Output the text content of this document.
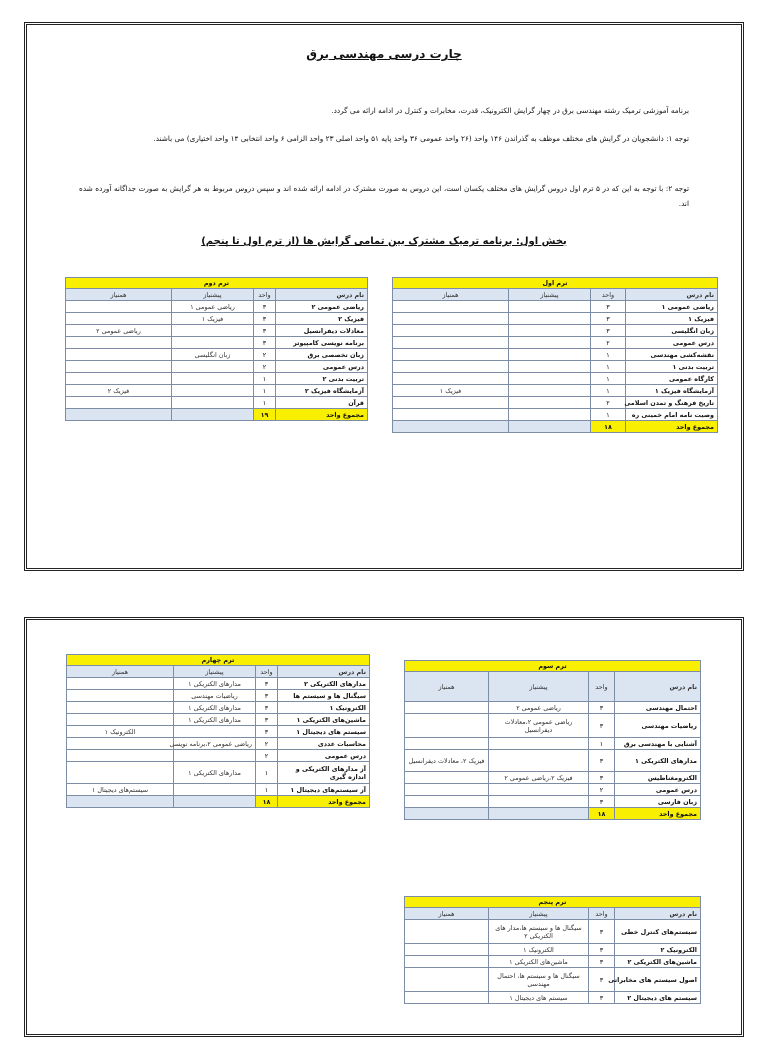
چارت درسی مهندسی برق
برنامه آموزشی ترمیک رشته مهندسی برق در چهار گرایش الکترونیک، قدرت، مخابرات و کنترل در ادامه ارائه می گردد.
توجه ۱: دانشجویان در گرایش های مختلف موظف به گذراندن ۱۴۶ واحد (۲۶ واحد عمومی ۳۶ واحد پایه ۵۱ واحد اصلی ۲۳ واحد الزامی ۶ واحد انتخابی ۱۴ واحد اختیاری) می باشند.
توجه ۲: با توجه به این که در ۵ ترم اول دروس گرایش های مختلف یکسان است، این دروس به صورت مشترک در ادامه ارائه شده اند و سپس دروس مربوط به هر گرایش به صورت جداگانه آورده شده اند.
بخش اول: برنامه ترمیک مشترک بین تمامی گرایش ها (از ترم اول تا پنجم)
ترم اول			
نام درس	واحد	پیشنیاز	همنیاز
ریاضی عمومی ۱	۳		
فیزیک ۱	۳		
زبان انگلیسی	۳		
درس عمومی	۲		
نقشه‌کشی مهندسی	۱		
تربیت بدنی ۱	۱		
کارگاه عمومی	۱		
آزمایشگاه فیزیک ۱	۱		فیزیک ۱
تاریخ فرهنگ و تمدن اسلامی	۲		
وصیت نامه امام خمینی ره	۱		
مجموع واحد	۱۸		
ترم دوم			
نام درس	واحد	پیشنیاز	همنیاز
ریاضی عمومی ۲	۳	ریاضی عمومی ۱	
فیزیک ۲	۳	فیزیک ۱	
معادلات دیفرانسیل	۳		ریاضی عمومی ۲
برنامه نویسی کامپیوتر	۳		
زبان تخصصی برق	۲	زبان انگلیسی	
درس عمومی	۲		
تربیت بدنی ۲	۱		
آزمایشگاه فیزیک ۲	۱		فیزیک ۲
قرآن	۱		
مجموع واحد	۱۹		
ترم سوم			
نام درس	واحد	پیشنیاز	همنیاز
احتمال مهندسی	۳	ریاضی عمومی ۲	
ریاضیات مهندسی	۳	ریاضی عمومی ۲،معادلات دیفرانسیل	
آشنایی با مهندسی برق	۱		
مدارهای الکتریکی ۱	۳		فیزیک ۲، معادلات دیفرانسیل
الکترومغناطیس	۳	فیزیک ۲،ریاضی عمومی ۲	
درس عمومی	۲		
زبان فارسی	۳		
مجموع واحد	۱۸		
ترم چهارم			
نام درس	واحد	پیشنیاز	همنیاز
مدارهای الکتریکی ۲	۳	مدارهای الکتریکی ۱	
سیگنال ها و سیستم ها	۳	ریاضیات مهندسی	
الکترونیک ۱	۳	مدارهای الکتریکی ۱	
ماشین‌های الکتریکی ۱	۳	مدارهای الکتریکی ۱	
سیستم های دیجیتال ۱	۳		الکترونیک ۱
محاسبات عددی	۲	ریاضی عمومی ۲،برنامه نویسی	
درس عمومی	۲		
آز مدارهای الکتریکی و اندازه گیری	۱	مدارهای الکتریکی ۱	
آز سیستم‌های دیجیتال ۱	۱		سیستم‌های دیجیتال ۱
مجموع واحد	۱۸		
ترم پنجم			
نام درس	واحد	پیشنیاز	همنیاز
سیستم‌های کنترل خطی	۳	سیگنال ها و سیستم ها،مدار های الکتریکی ۲	
الکترونیک ۲	۳	الکترونیک ۱	
ماشین‌های الکتریکی ۲	۳	ماشین‌های الکتریکی ۱	
اصول سیستم های مخابراتی	۳	سیگنال ها و سیستم ها، احتمال مهندسی	
سیستم های دیجیتال ۲	۳	سیستم های دیجیتال ۱	
